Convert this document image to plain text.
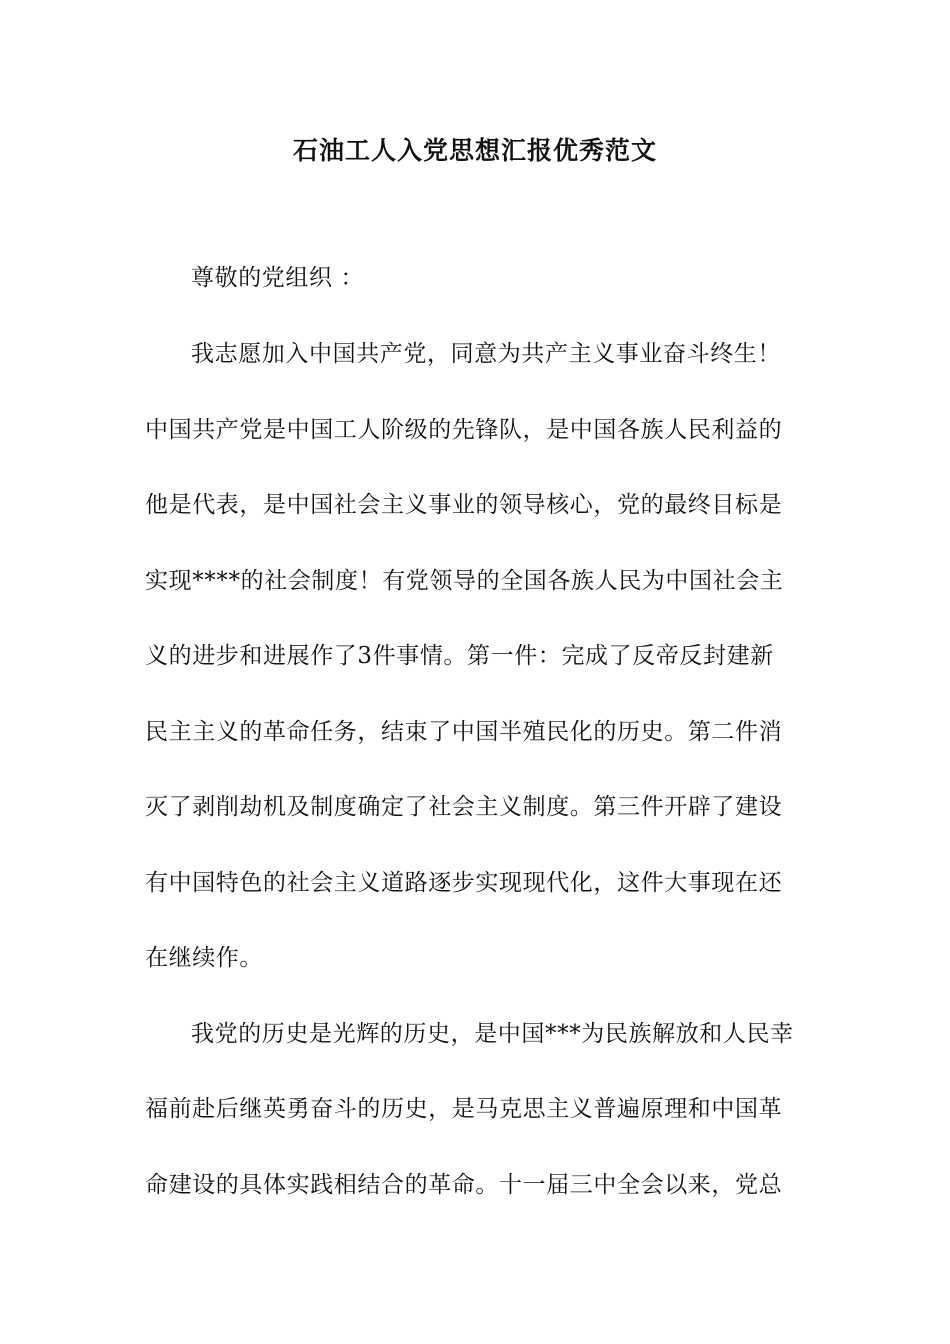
石油工人入党思想汇报优秀范文
尊敬的党组织 ：
我志愿加入中国共产党，同意为共产主义事业奋斗终生！
中国共产党是中国工人阶级的先锋队，是中国各族人民利益的
他是代表，是中国社会主义事业的领导核心，党的最终目标是
实现****的社会制度！有党领导的全国各族人民为中国社会主
义的进步和进展作了3件事情。第一件：完成了反帝反封建新
民主主义的革命任务，结束了中国半殖民化的历史。第二件消
灭了剥削劫机及制度确定了社会主义制度。第三件开辟了建设
有中国特色的社会主义道路逐步实现现代化，这件大事现在还
在继续作。
我党的历史是光辉的历史，是中国***为民族解放和人民幸
福前赴后继英勇奋斗的历史，是马克思主义普遍原理和中国革
命建设的具体实践相结合的革命。十一届三中全会以来，党总
